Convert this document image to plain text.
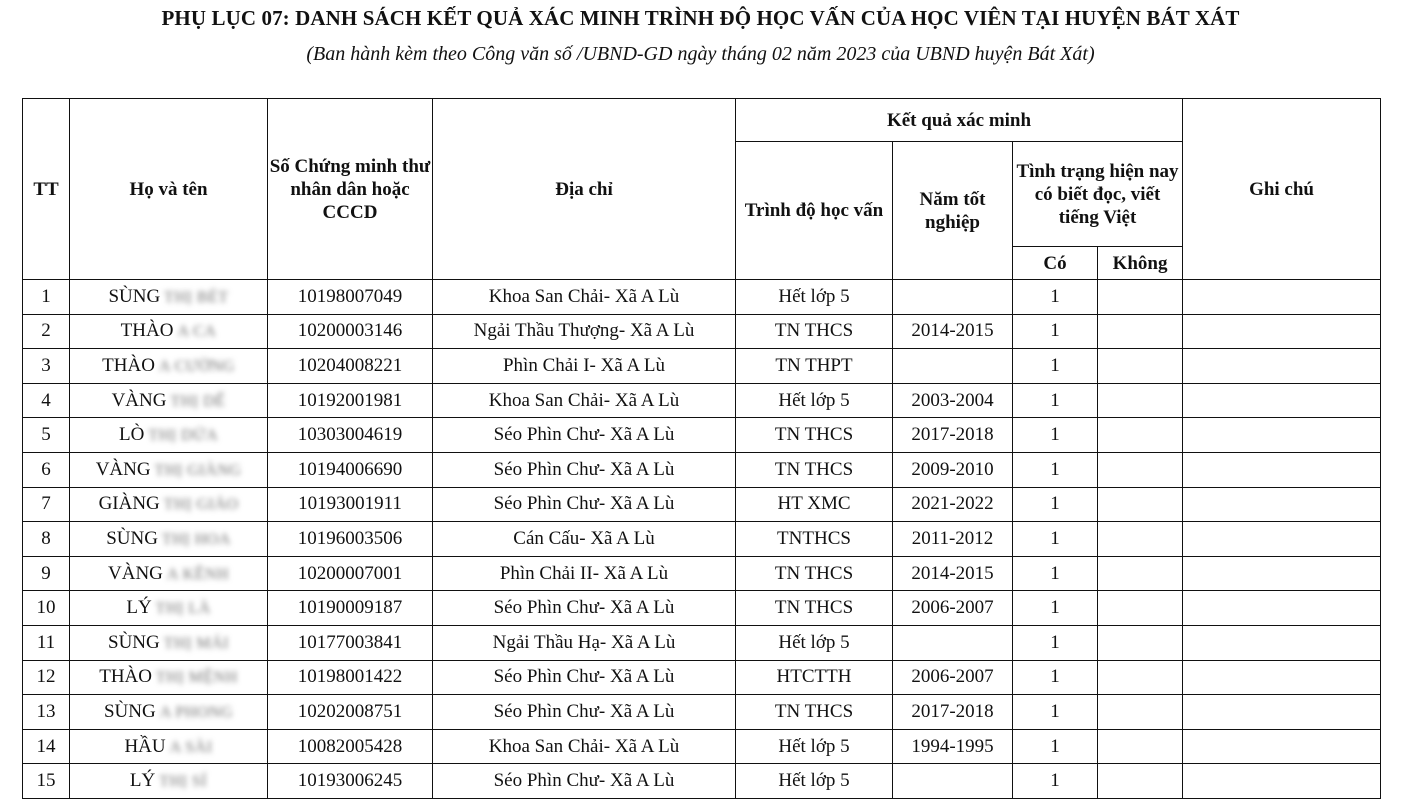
PHỤ LỤC 07: DANH SÁCH KẾT QUẢ XÁC MINH TRÌNH ĐỘ HỌC VẤN CỦA HỌC VIÊN TẠI HUYỆN BÁT XÁT
(Ban hành kèm theo Công văn số /UBND-GD ngày tháng 02 năm 2023 của UBND huyện Bát Xát)
TT	Họ và tên	Số Chứng minh thư nhân dân hoặc CCCD	Địa chỉ	Kết quả xác minh				Ghi chú
				Trình độ học vấn	Năm tốt nghiệp	Tình trạng hiện nay có biết đọc, viết tiếng Việt		
						Có	Không	
1	SÙNG THỊ BÉT	10198007049	Khoa San Chải- Xã A Lù	Hết lớp 5		1		
2	THÀO A CA	10200003146	Ngải Thầu Thượng- Xã A Lù	TN THCS	2014-2015	1		
3	THÀO A CƯỜNG	10204008221	Phìn Chải I- Xã A Lù	TN THPT		1		
4	VÀNG THỊ DẾ	10192001981	Khoa San Chải- Xã A Lù	Hết lớp 5	2003-2004	1		
5	LÒ THỊ DỨA	10303004619	Séo Phìn Chư- Xã A Lù	TN THCS	2017-2018	1		
6	VÀNG THỊ GIÀNG	10194006690	Séo Phìn Chư- Xã A Lù	TN THCS	2009-2010	1		
7	GIÀNG THỊ GIẢO	10193001911	Séo Phìn Chư- Xã A Lù	HT XMC	2021-2022	1		
8	SÙNG THỊ HOA	10196003506	Cán Cấu- Xã A Lù	TNTHCS	2011-2012	1		
9	VÀNG A KÊNH	10200007001	Phìn Chải II- Xã A Lù	TN THCS	2014-2015	1		
10	LÝ THỊ LÀ	10190009187	Séo Phìn Chư- Xã A Lù	TN THCS	2006-2007	1		
11	SÙNG THỊ MÁI	10177003841	Ngải Thầu Hạ- Xã A Lù	Hết lớp 5		1		
12	THÀO THỊ MỆNH	10198001422	Séo Phìn Chư- Xã A Lù	HTCTTH	2006-2007	1		
13	SÙNG A PHONG	10202008751	Séo Phìn Chư- Xã A Lù	TN THCS	2017-2018	1		
14	HẦU A SÀI	10082005428	Khoa San Chải- Xã A Lù	Hết lớp 5	1994-1995	1		
15	LÝ THỊ SÍ	10193006245	Séo Phìn Chư- Xã A Lù	Hết lớp 5		1		
